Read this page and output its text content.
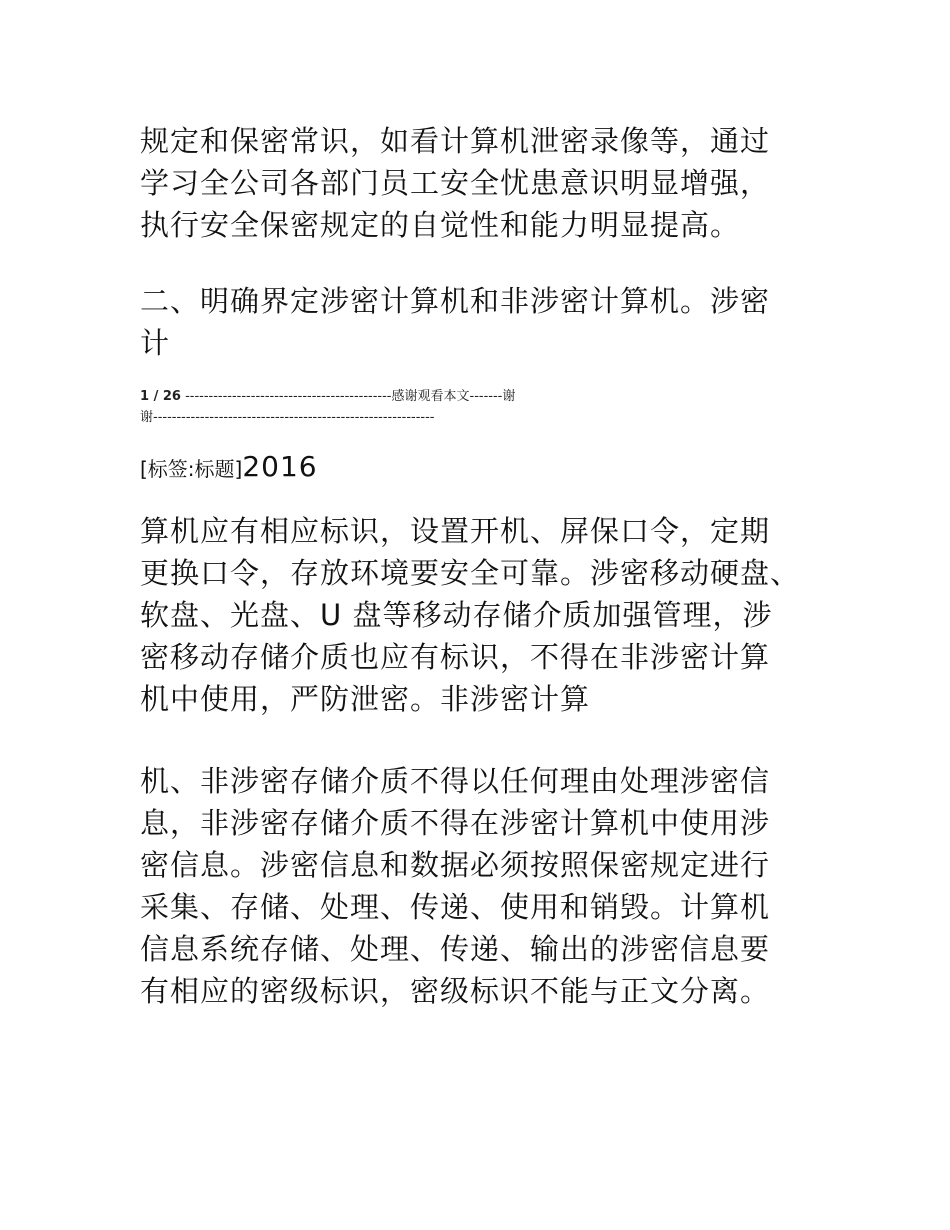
规定和保密常识，如看计算机泄密录像等，通过
学习全公司各部门员工安全忧患意识明显增强，
执行安全保密规定的自觉性和能力明显提高。
二、明确界定涉密计算机和非涉密计算机。涉密
计
1 / 26 --------------------------------------------感谢观看本文-------谢
谢------------------------------------------------------------
[标签:标题]2016
算机应有相应标识，设置开机、屏保口令，定期
更换口令，存放环境要安全可靠。涉密移动硬盘、
软盘、光盘、U 盘等移动存储介质加强管理，涉
密移动存储介质也应有标识，不得在非涉密计算
机中使用，严防泄密。非涉密计算
机、非涉密存储介质不得以任何理由处理涉密信
息，非涉密存储介质不得在涉密计算机中使用涉
密信息。涉密信息和数据必须按照保密规定进行
采集、存储、处理、传递、使用和销毁。计算机
信息系统存储、处理、传递、输出的涉密信息要
有相应的密级标识，密级标识不能与正文分离。
